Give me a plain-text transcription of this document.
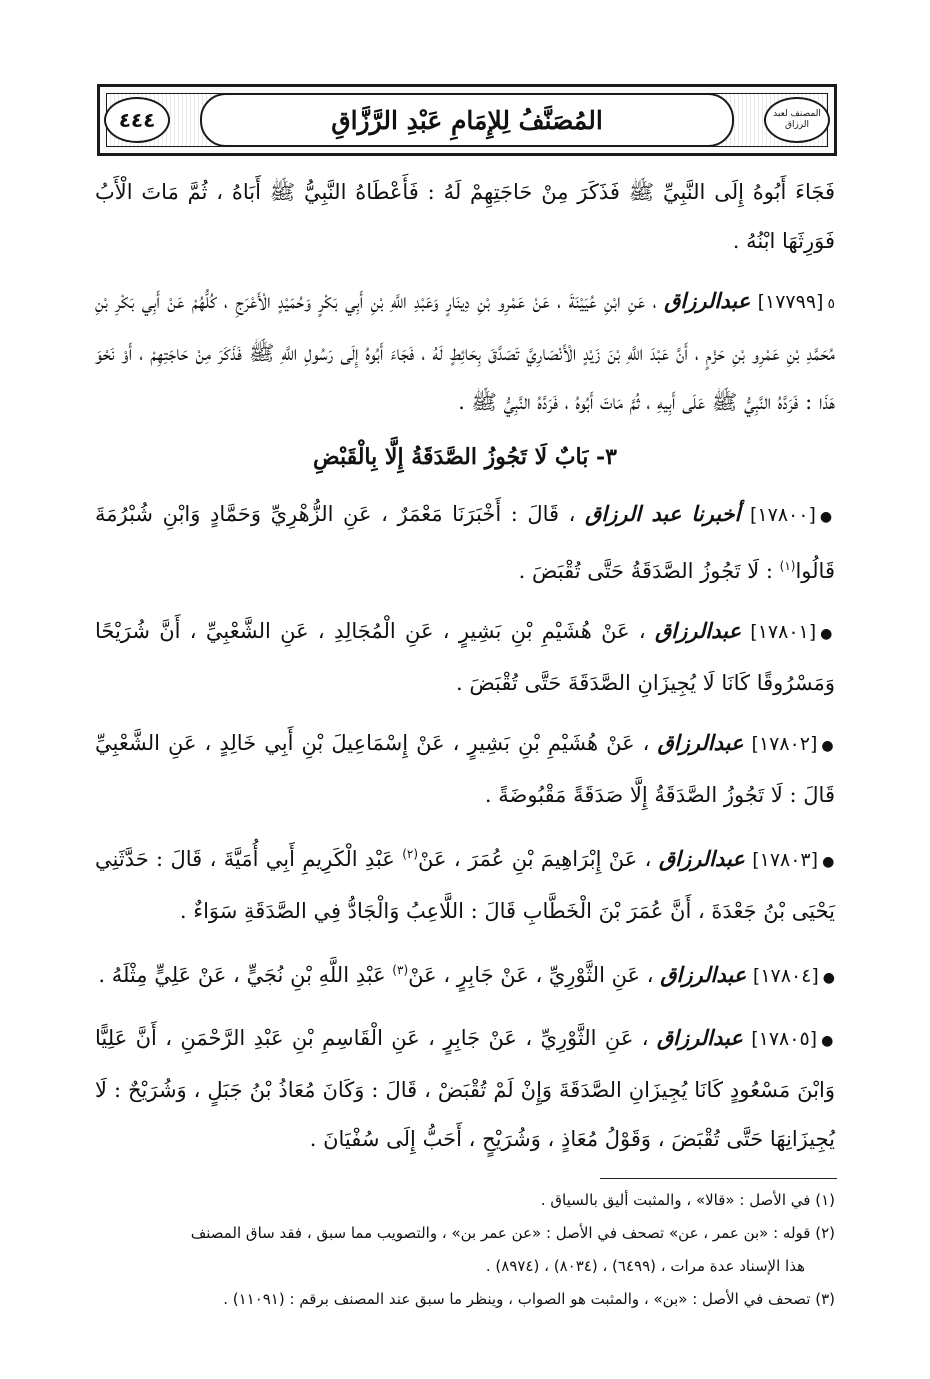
٤٤٤	المُصَنَّفُ لِلإِمَامِ عَبْدِ الرَّزَّاقِ	المصنف لعبد الرزاق

فَجَاءَ أَبُوهُ إِلَى النَّبِيِّ ﷺ فَذَكَرَ مِنْ حَاجَتِهِمْ لَهُ : فَأَعْطَاهُ النَّبِيُّ ﷺ أَبَاهُ ، ثُمَّ مَاتَ الْأَبُ فَوَرِثَهَا ابْنُهُ .

٥[١٧٧٩٩] عبدالرزاق ، عَنِ ابْنِ عُيَيْنَةَ ، عَنْ عَمْرِو بْنِ دِينَارٍ وَعَبْدِ اللَّهِ بْنِ أَبِي بَكْرٍ وَحُمَيْدٍ الْأَعْرَجِ ، كُلُّهُمْ عَنْ أَبِي بَكْرِ بْنِ مُحَمَّدِ بْنِ عَمْرِو بْنِ حَزْمٍ ، أَنَّ عَبْدَ اللَّهِ بْنَ زَيْدٍ الْأَنْصَارِيَّ تَصَدَّقَ بِحَائِطٍ لَهُ ، فَجَاءَ أَبُوهُ إِلَى رَسُولِ اللَّهِ ﷺ فَذَكَرَ مِنْ حَاجَتِهِمْ ، أَوْ نَحْوَ هَذَا : فَرَدَّهُ النَّبِيُّ ﷺ عَلَى أَبِيهِ ، ثُمَّ مَاتَ أَبُوهُ ، فَرَدَّهُ النَّبِيُّ ﷺ .

٣- بَابٌ لَا تَجُوزُ الصَّدَقَةُ إِلَّا بِالْقَبْضِ

●[١٧٨٠٠] أخبرنا عبد الرزاق ، قَالَ : أَخْبَرَنَا مَعْمَرٌ ، عَنِ الزُّهْرِيِّ وَحَمَّادٍ وَابْنِ شُبْرُمَةَ قَالُوا$^{(١)}$ : لَا تَجُوزُ الصَّدَقَةُ حَتَّى تُقْبَضَ .

●[١٧٨٠١] عبدالرزاق ، عَنْ هُشَيْمِ بْنِ بَشِيرٍ ، عَنِ الْمُجَالِدِ ، عَنِ الشَّعْبِيِّ ، أَنَّ شُرَيْحًا وَمَسْرُوقًا كَانَا لَا يُجِيزَانِ الصَّدَقَةَ حَتَّى تُقْبَضَ .

●[١٧٨٠٢] عبدالرزاق ، عَنْ هُشَيْمِ بْنِ بَشِيرٍ ، عَنْ إِسْمَاعِيلَ بْنِ أَبِي خَالِدٍ ، عَنِ الشَّعْبِيِّ قَالَ : لَا تَجُوزُ الصَّدَقَةُ إِلَّا صَدَقَةً مَقْبُوضَةً .

●[١٧٨٠٣] عبدالرزاق ، عَنْ إِبْرَاهِيمَ بْنِ عُمَرَ ، عَنْ$^{(٢)}$ عَبْدِ الْكَرِيمِ أَبِي أُمَيَّةَ ، قَالَ : حَدَّثَنِي يَحْيَى بْنُ جَعْدَةَ ، أَنَّ عُمَرَ بْنَ الْخَطَّابِ قَالَ : اللَّاعِبُ وَالْجَادُّ فِي الصَّدَقَةِ سَوَاءٌ .

●[١٧٨٠٤] عبدالرزاق ، عَنِ الثَّوْرِيِّ ، عَنْ جَابِرٍ ، عَنْ$^{(٣)}$ عَبْدِ اللَّهِ بْنِ نُجَيٍّ ، عَنْ عَلِيٍّ مِثْلَهُ .

●[١٧٨٠٥] عبدالرزاق ، عَنِ الثَّوْرِيِّ ، عَنْ جَابِرٍ ، عَنِ الْقَاسِمِ بْنِ عَبْدِ الرَّحْمَنِ ، أَنَّ عَلِيًّا وَابْنَ مَسْعُودٍ كَانَا يُجِيزَانِ الصَّدَقَةَ وَإِنْ لَمْ تُقْبَضْ ، قَالَ : وَكَانَ مُعَاذُ بْنُ جَبَلٍ ، وَشُرَيْحٌ : لَا يُجِيزَانِهَا حَتَّى تُقْبَضَ ، وَقَوْلُ مُعَاذٍ ، وَشُرَيْحٍ ، أَحَبُّ إِلَى سُفْيَانَ .

(١) في الأصل : «قالا» ، والمثبت أليق بالسياق .
(٢) قوله : «بن عمر ، عن» تصحف في الأصل : «عن عمر بن» ، والتصويب مما سبق ، فقد ساق المصنف
هذا الإسناد عدة مرات ، (٦٤٩٩) ، (٨٠٣٤) ، (٨٩٧٤) .
(٣) تصحف في الأصل : «بن» ، والمثبت هو الصواب ، وينظر ما سبق عند المصنف برقم : (١١٠٩١) .
